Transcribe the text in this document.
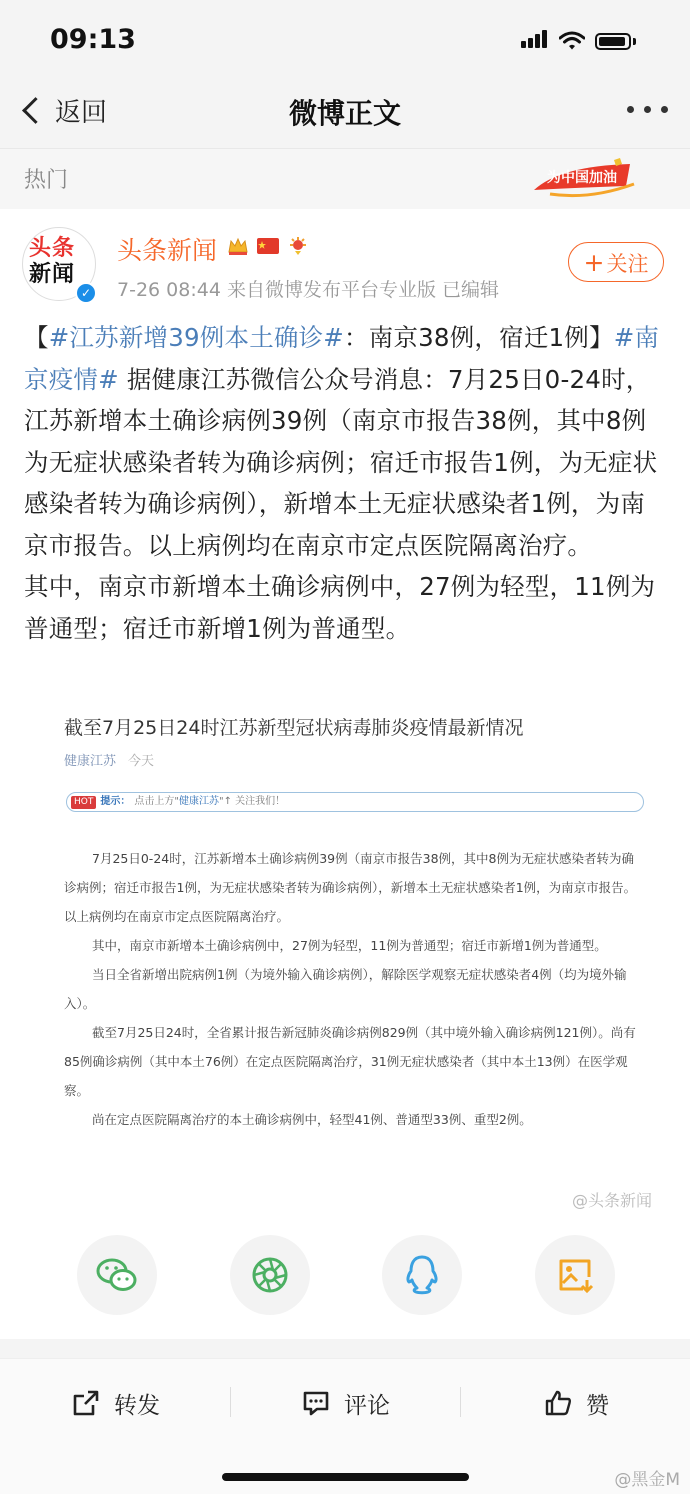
09:13
返回	微博正文
热门	为中国加油
头条
新闻
✓
头条新闻
7-26 08:44 来自微博发布平台专业版 已编辑
+关注

【#江苏新增39例本土确诊#：南京38例，宿迁1例】#南京疫情# 据健康江苏微信公众号消息：7月25日0-24时，江苏新增本土确诊病例39例（南京市报告38例，其中8例为无症状感染者转为确诊病例；宿迁市报告1例，为无症状感染者转为确诊病例），新增本土无症状感染者1例，为南京市报告。以上病例均在南京市定点医院隔离治疗。

其中，南京市新增本土确诊病例中，27例为轻型，11例为普通型；宿迁市新增1例为普通型。

截至7月25日24时江苏新型冠状病毒肺炎疫情最新情况
健康江苏 今天
HOT 提示： 点击上方"健康江苏"↑ 关注我们！

7月25日0-24时，江苏新增本土确诊病例39例（南京市报告38例，其中8例为无症状感染者转为确诊病例；宿迁市报告1例，为无症状感染者转为确诊病例），新增本土无症状感染者1例，为南京市报告。以上病例均在南京市定点医院隔离治疗。

其中，南京市新增本土确诊病例中，27例为轻型，11例为普通型；宿迁市新增1例为普通型。

当日全省新增出院病例1例（为境外输入确诊病例），解除医学观察无症状感染者4例（均为境外输入）。

截至7月25日24时，全省累计报告新冠肺炎确诊病例829例（其中境外输入确诊病例121例）。尚有85例确诊病例（其中本土76例）在定点医院隔离治疗，31例无症状感染者（其中本土13例）在医学观察。

尚在定点医院隔离治疗的本土确诊病例中，轻型41例、普通型33例、重型2例。

@头条新闻
转发	评论	赞
@黑金M
